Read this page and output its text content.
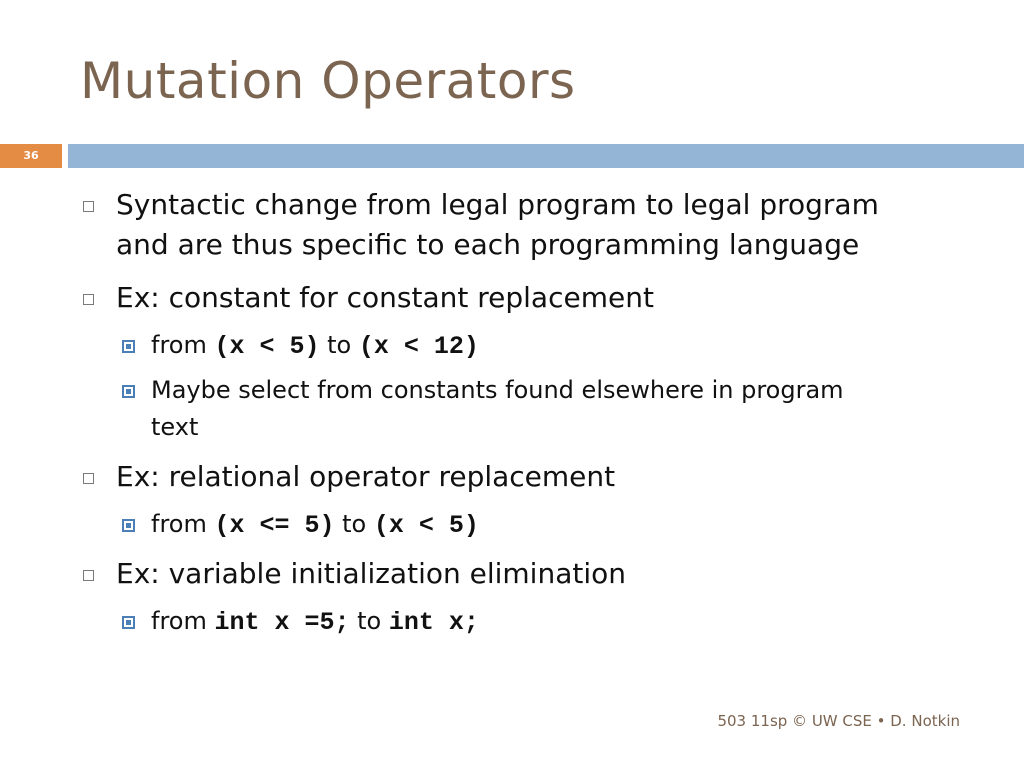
Mutation Operators
36
Syntactic change from legal program to legal program
and are thus specific to each programming language
Ex: constant for constant replacement
from (x < 5) to (x < 12)
Maybe select from constants found elsewhere in program
text
Ex: relational operator replacement
from (x <= 5) to (x < 5)
Ex: variable initialization elimination
from int x =5; to int x;
503 11sp © UW CSE • D. Notkin
